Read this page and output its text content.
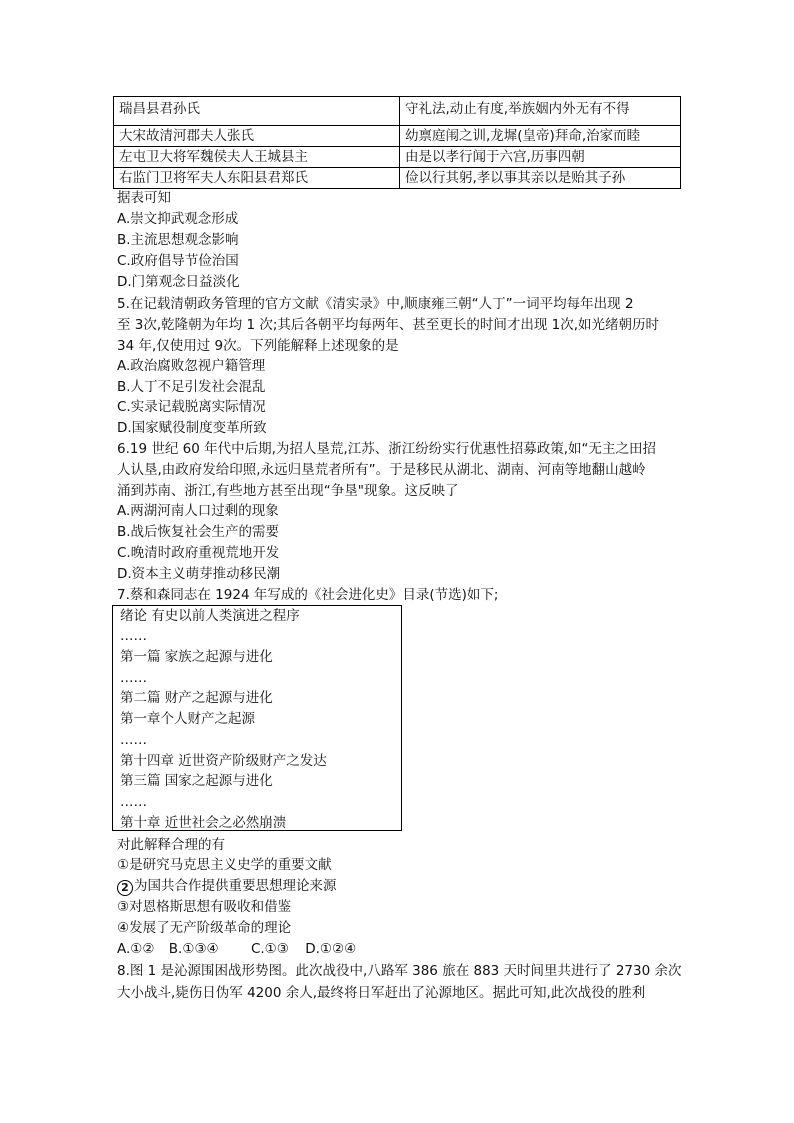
瑞昌县君孙氏	守礼法,动止有度,举族姻内外无有不得
大宋故清河郡夫人张氏	幼禀庭闱之训,龙墀(皇帝)拜命,治家而睦
左屯卫大将军魏侯夫人王城县主	由是以孝行闻于六宫,历事四朝
右监门卫将军夫人东阳县君郑氏	俭以行其躬,孝以事其亲以是贻其子孙
据表可知
A.崇文抑武观念形成
B.主流思想观念影响
C.政府倡导节俭治国
D.门第观念日益淡化
5.在记载清朝政务管理的官方文献《清实录》中,顺康雍三朝“人丁”一词平均每年出现 2
至 3次,乾隆朝为年均 1 次;其后各朝平均每两年、甚至更长的时间才出现 1次,如光绪朝历时
34 年,仅使用过 9次。下列能解释上述现象的是
A.政治腐败忽视户籍管理
B.人丁不足引发社会混乱
C.实录记载脱离实际情况
D.国家赋役制度变革所致
6.19 世纪 60 年代中后期,为招人垦荒,江苏、浙江纷纷实行优惠性招募政策,如“无主之田招
人认垦,由政府发给印照,永远归垦荒者所有”。于是移民从湖北、湖南、河南等地翻山越岭
涌到苏南、浙江,有些地方甚至出现“争垦"现象。这反映了
A.两湖河南人口过剩的现象
B.战后恢复社会生产的需要
C.晚清时政府重视荒地开发
D.资本主义萌芽推动移民潮
7.蔡和森同志在 1924 年写成的《社会进化史》目录(节选)如下;
绪论 有史以前人类演进之程序
……
第一篇 家族之起源与进化
……
第二篇 财产之起源与进化
第一章个人财产之起源
……
第十四章 近世资产阶级财产之发达
第三篇 国家之起源与进化
……
第十章 近世社会之必然崩溃
对此解释合理的有
①是研究马克思主义史学的重要文献
2 为国共合作提供重要思想理论来源
③对恩格斯思想有吸收和借鉴
④发展了无产阶级革命的理论
A.①② B.①③④ C.①③ D.①②④
8.图 1 是沁源围困战形势图。此次战役中,八路军 386 旅在 883 天时间里共进行了 2730 余次
大小战斗,毙伤日伪军 4200 余人,最终将日军赶出了沁源地区。据此可知,此次战役的胜利
